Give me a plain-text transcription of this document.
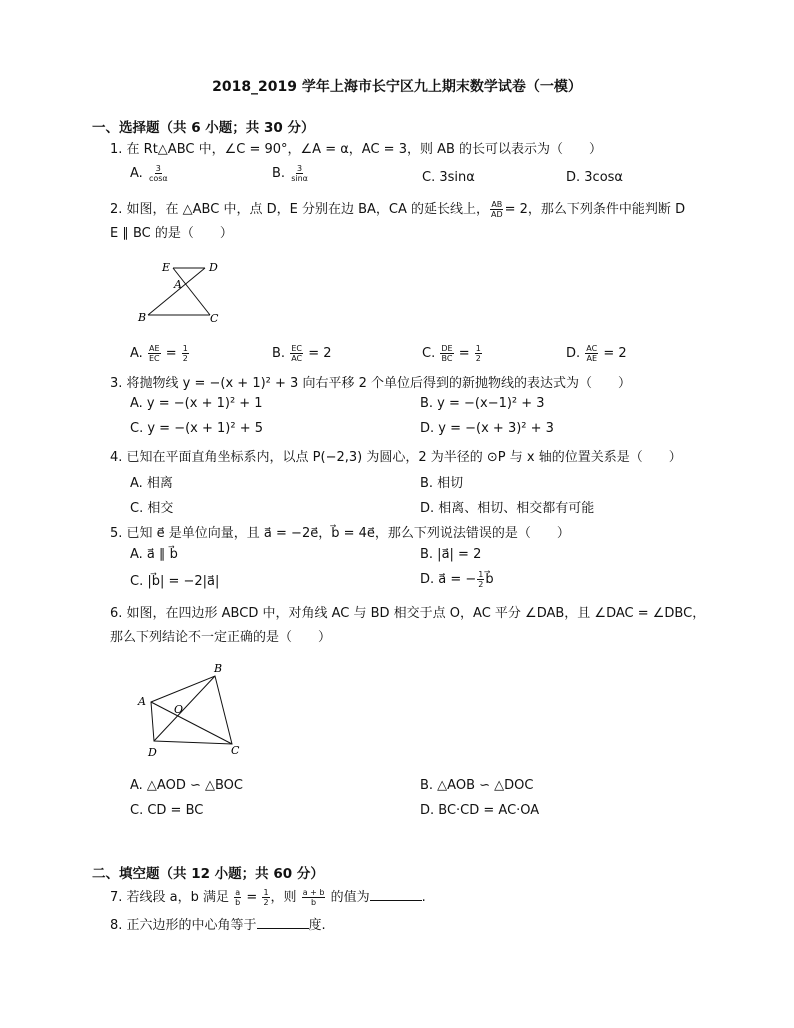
2018_2019 学年上海市长宁区九上期末数学试卷（一模）
一、选择题（共 6 小题；共 30 分）
1. 在 Rt△ABC 中，∠C = 90°，∠A = α，AC = 3，则 AB 的长可以表示为（　　）
A. $\frac{3}{\cos\alpha}$	B. $\frac{3}{\sin\alpha}$	C. 3sinα	D. 3cosα
2. 如图，在 △ABC 中，点 D，E 分别在边 BA，CA 的延长线上， $\frac{AB}{AD} = 2$，那么下列条件中能判断 D
E ∥ BC 的是（　　）
E	D
A
B	C
A. $\frac{AE}{EC} = \frac{1}{2}$	B. $\frac{EC}{AC} = 2$	C. $\frac{DE}{BC} = \frac{1}{2}$	D. $\frac{AC}{AE} = 2$
3. 将抛物线 y = −(x + 1)² + 3 向右平移 2 个单位后得到的新抛物线的表达式为（　　）
A. y = −(x + 1)² + 1	B. y = −(x−1)² + 3
C. y = −(x + 1)² + 5	D. y = −(x + 3)² + 3
4. 已知在平面直角坐标系内，以点 P(−2,3) 为圆心，2 为半径的 ⊙P 与 x 轴的位置关系是（　　）
A. 相离	B. 相切
C. 相交	D. 相离、相切、相交都有可能
5. 已知 e⃗ 是单位向量，且 a⃗ = −2e⃗，b⃗ = 4e⃗，那么下列说法错误的是（　　）
A. a⃗ ∥ b⃗	B. |a⃗| = 2
C. |b⃗| = −2|a⃗|	D. a⃗ = − $\frac{1}{2}$ b⃗
6. 如图，在四边形 ABCD 中，对角线 AC 与 BD 相交于点 O，AC 平分 ∠DAB，且 ∠DAC = ∠DBC，
那么下列结论不一定正确的是（　　）
A
B
C
D
O
A. △AOD ∽ △BOC	B. △AOB ∽ △DOC
C. CD = BC	D. BC·CD = AC·OA
二、填空题（共 12 小题；共 60 分）
7. 若线段 a，b 满足 $\frac{a}{b} = \frac{1}{2}$ ，则 $\frac{a + b}{b}$ 的值为	.
8. 正六边形的中心角等于	度.
